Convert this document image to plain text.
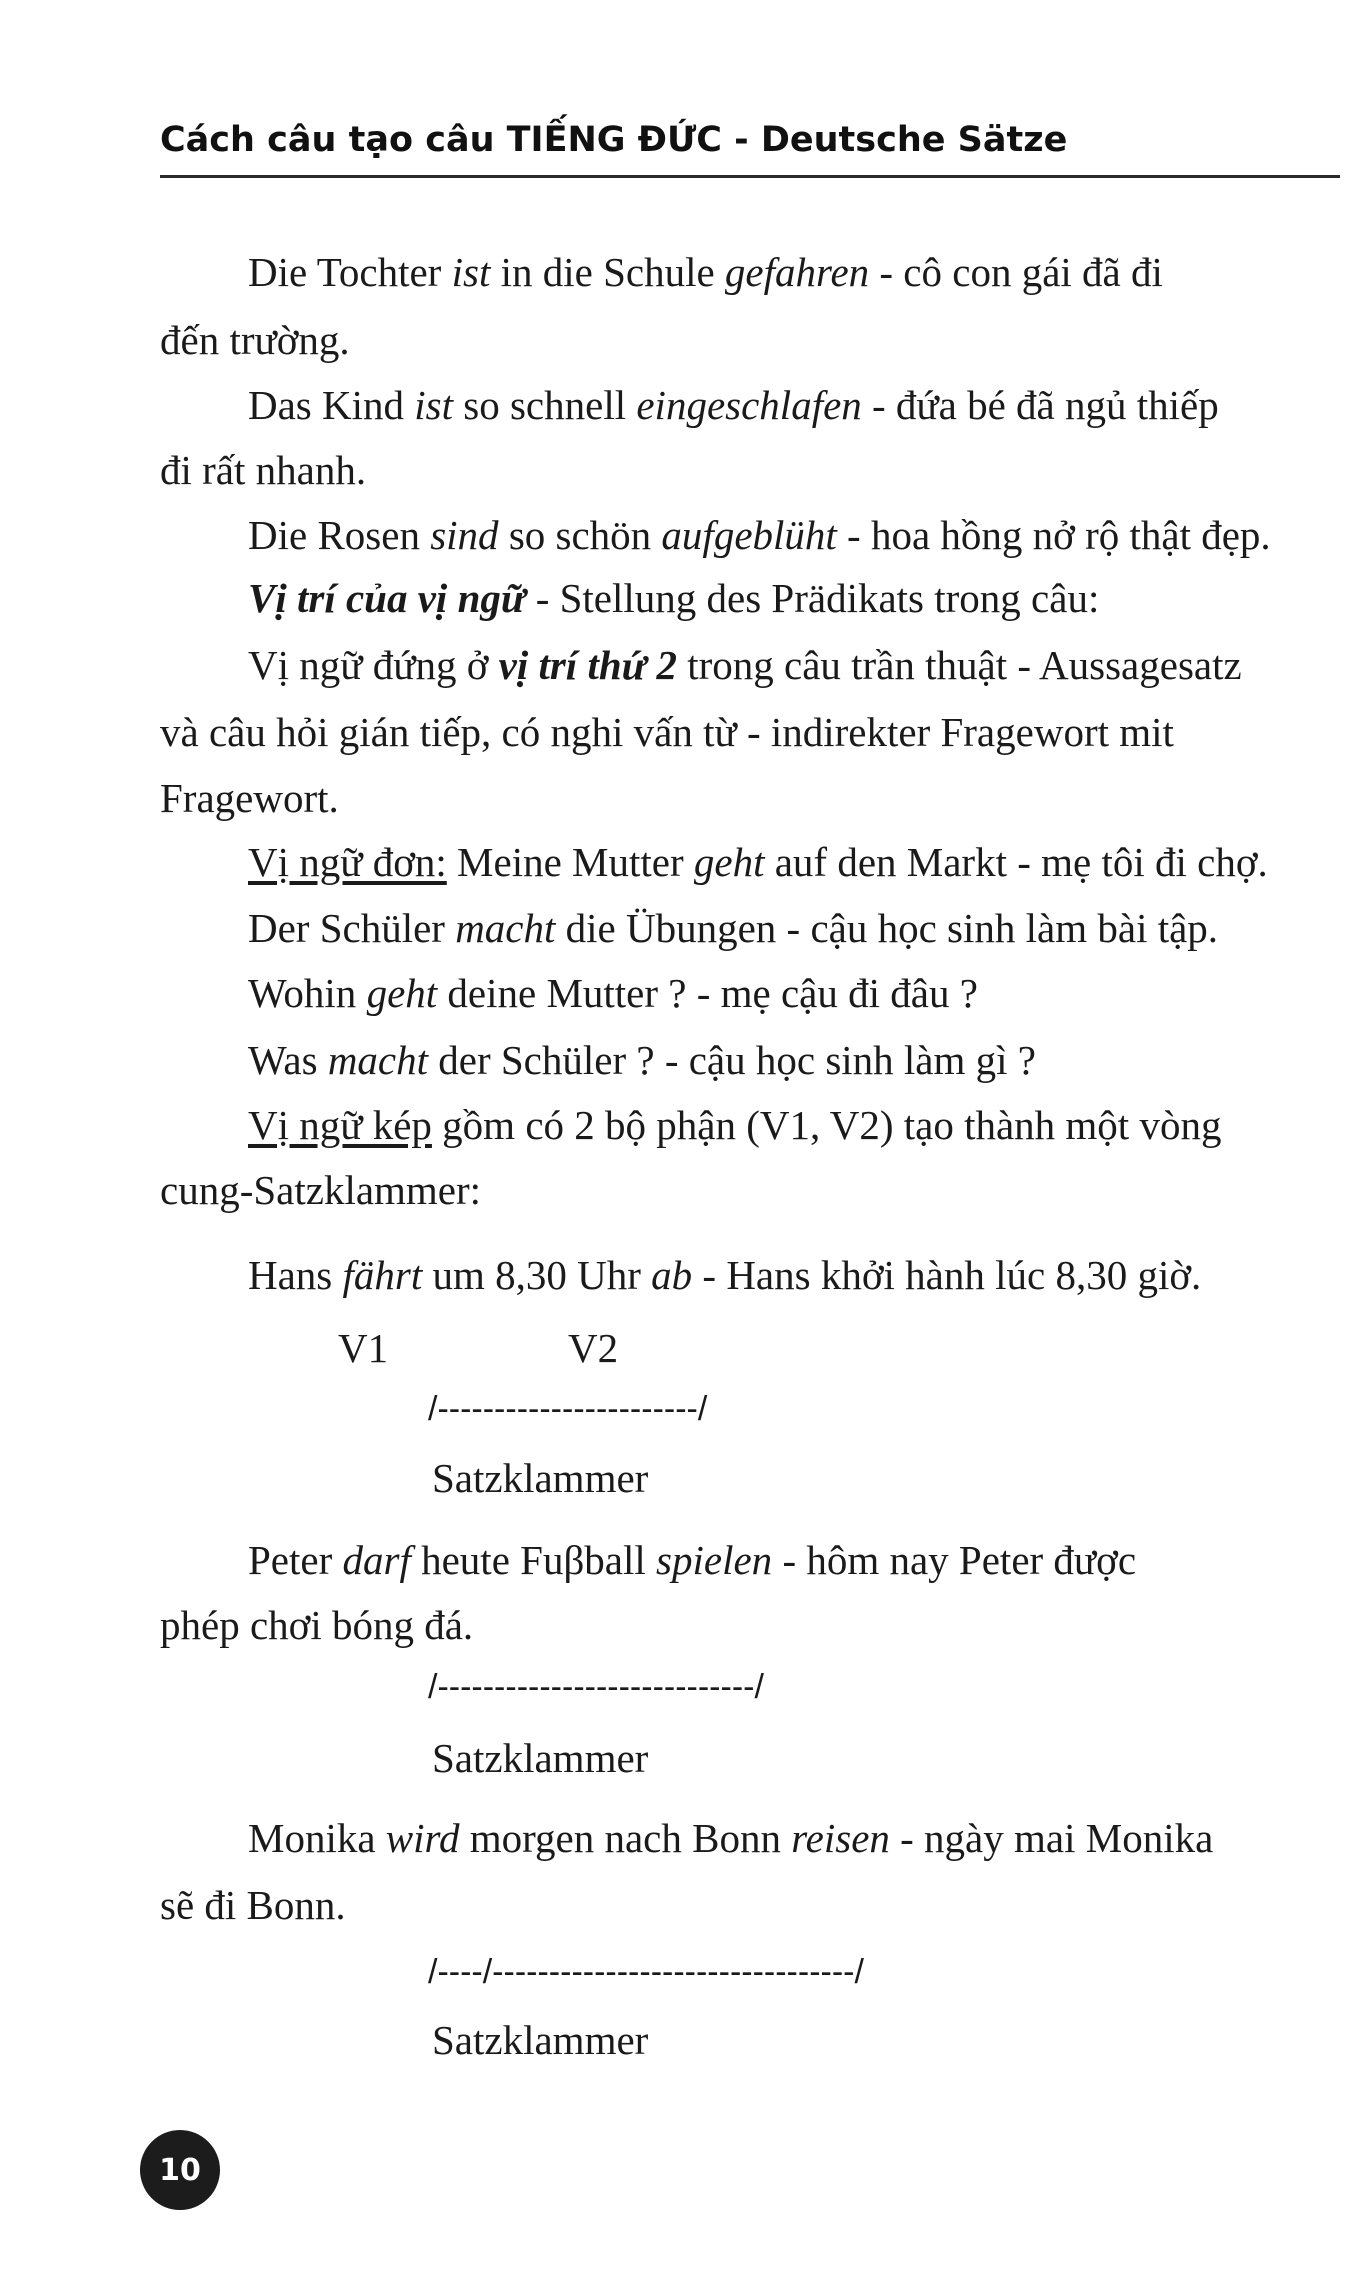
Cách câu tạo câu TIẾNG ĐỨC - Deutsche Sätze
Die Tochter ist in die Schule gefahren - cô con gái đã đi
đến trường.
Das Kind ist so schnell eingeschlafen - đứa bé đã ngủ thiếp
đi rất nhanh.
Die Rosen sind so schön aufgeblüht - hoa hồng nở rộ thật đẹp.
Vị trí của vị ngữ - Stellung des Prädikats trong câu:
Vị ngữ đứng ở vị trí thứ 2 trong câu trần thuật - Aussagesatz
và câu hỏi gián tiếp, có nghi vấn từ - indirekter Fragewort mit
Fragewort.
Vị ngữ đơn: Meine Mutter geht auf den Markt - mẹ tôi đi chợ.
Der Schüler macht die Übungen - cậu học sinh làm bài tập.
Wohin geht deine Mutter ? - mẹ cậu đi đâu ?
Was macht der Schüler ? - cậu học sinh làm gì ?
Vị ngữ kép gồm có 2 bộ phận (V1, V2) tạo thành một vòng
cung-Satzklammer:
Hans fährt um 8,30 Uhr ab - Hans khởi hành lúc 8,30 giờ.
V1	V2
/-----------------------/
Satzklammer
Peter darf heute Fuβball spielen - hôm nay Peter được
phép chơi bóng đá.
/----------------------------/
Satzklammer
Monika wird morgen nach Bonn reisen - ngày mai Monika
sẽ đi Bonn.
/----/--------------------------------/
Satzklammer
10
